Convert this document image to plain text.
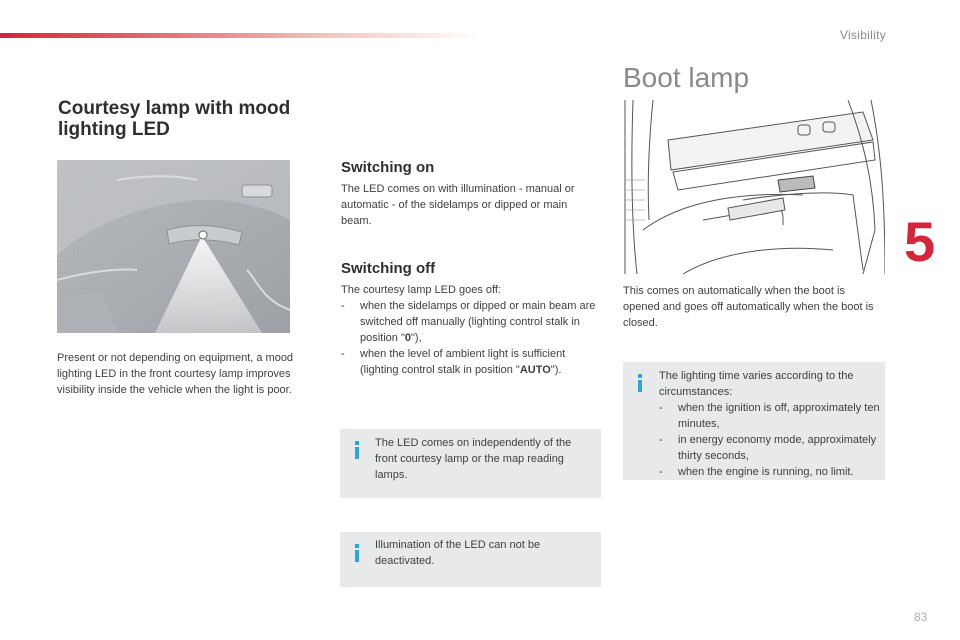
Visibility
5
Courtesy lamp with mood lighting LED

Present or not depending on equipment, a mood lighting LED in the front courtesy lamp improves visibility inside the vehicle when the light is poor.

Switching on

The LED comes on with illumination - manual or automatic - of the sidelamps or dipped or main beam.

Switching off
The courtesy lamp LED goes off:
- when the sidelamps or dipped or main beam are switched off manually (lighting control stalk in position "0"),
- when the level of ambient light is sufficient (lighting control stalk in position "AUTO").

The LED comes on independently of the front courtesy lamp or the map reading lamps.

Illumination of the LED can not be deactivated.

Boot lamp

This comes on automatically when the boot is opened and goes off automatically when the boot is closed.

The lighting time varies according to the circumstances:
- when the ignition is off, approximately ten minutes,
- in energy economy mode, approximately thirty seconds,
- when the engine is running, no limit.
83
